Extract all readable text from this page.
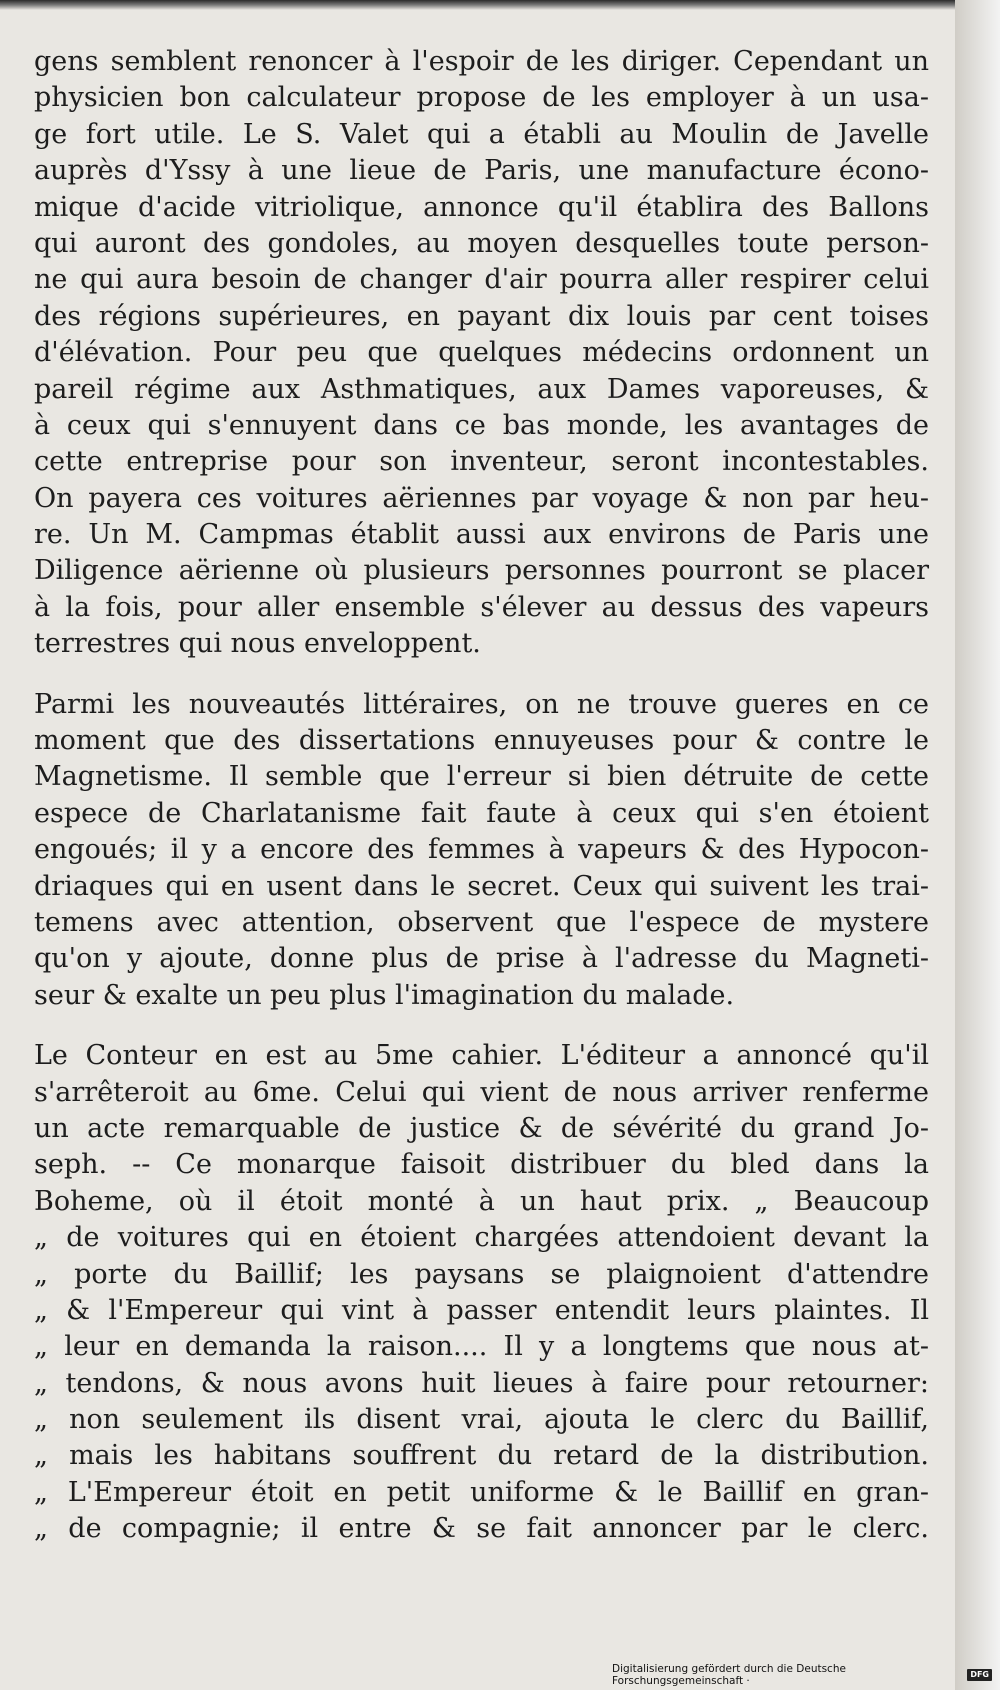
gens semblent renoncer à l'espoir de les diriger. Cependant un
physicien bon calculateur propose de les employer à un usa-
ge fort utile. Le S. Valet qui a établi au Moulin de Javelle
auprès d'Yssy à une lieue de Paris, une manufacture écono-
mique d'acide vitriolique, annonce qu'il établira des Ballons
qui auront des gondoles, au moyen desquelles toute person-
ne qui aura besoin de changer d'air pourra aller respirer celui
des régions supérieures, en payant dix louis par cent toises
d'élévation. Pour peu que quelques médecins ordonnent un
pareil régime aux Asthmatiques, aux Dames vaporeuses, &
à ceux qui s'ennuyent dans ce bas monde, les avantages de
cette entreprise pour son inventeur, seront incontestables.
On payera ces voitures aëriennes par voyage & non par heu-
re. Un M. Campmas établit aussi aux environs de Paris une
Diligence aërienne où plusieurs personnes pourront se placer
à la fois, pour aller ensemble s'élever au dessus des vapeurs
terrestres qui nous enveloppent.
Parmi les nouveautés littéraires, on ne trouve gueres en ce
moment que des dissertations ennuyeuses pour & contre le
Magnetisme. Il semble que l'erreur si bien détruite de cette
espece de Charlatanisme fait faute à ceux qui s'en étoient
engoués; il y a encore des femmes à vapeurs & des Hypocon-
driaques qui en usent dans le secret. Ceux qui suivent les trai-
temens avec attention, observent que l'espece de mystere
qu'on y ajoute, donne plus de prise à l'adresse du Magneti-
seur & exalte un peu plus l'imagination du malade.
Le Conteur en est au 5me cahier. L'éditeur a annoncé qu'il
s'arrêteroit au 6me. Celui qui vient de nous arriver renferme
un acte remarquable de justice & de sévérité du grand Jo-
seph. -- Ce monarque faisoit distribuer du bled dans la
Boheme, où il étoit monté à un haut prix. „ Beaucoup
„ de voitures qui en étoient chargées attendoient devant la
„ porte du Baillif; les paysans se plaignoient d'attendre
„ & l'Empereur qui vint à passer entendit leurs plaintes. Il
„ leur en demanda la raison.... Il y a longtems que nous at-
„ tendons, & nous avons huit lieues à faire pour retourner:
„ non seulement ils disent vrai, ajouta le clerc du Baillif,
„ mais les habitans souffrent du retard de la distribution.
„ L'Empereur étoit en petit uniforme & le Baillif en gran-
„ de compagnie; il entre & se fait annoncer par le clerc.
Digitalisierung gefördert durch die Deutsche Forschungsgemeinschaft ·
DFG
